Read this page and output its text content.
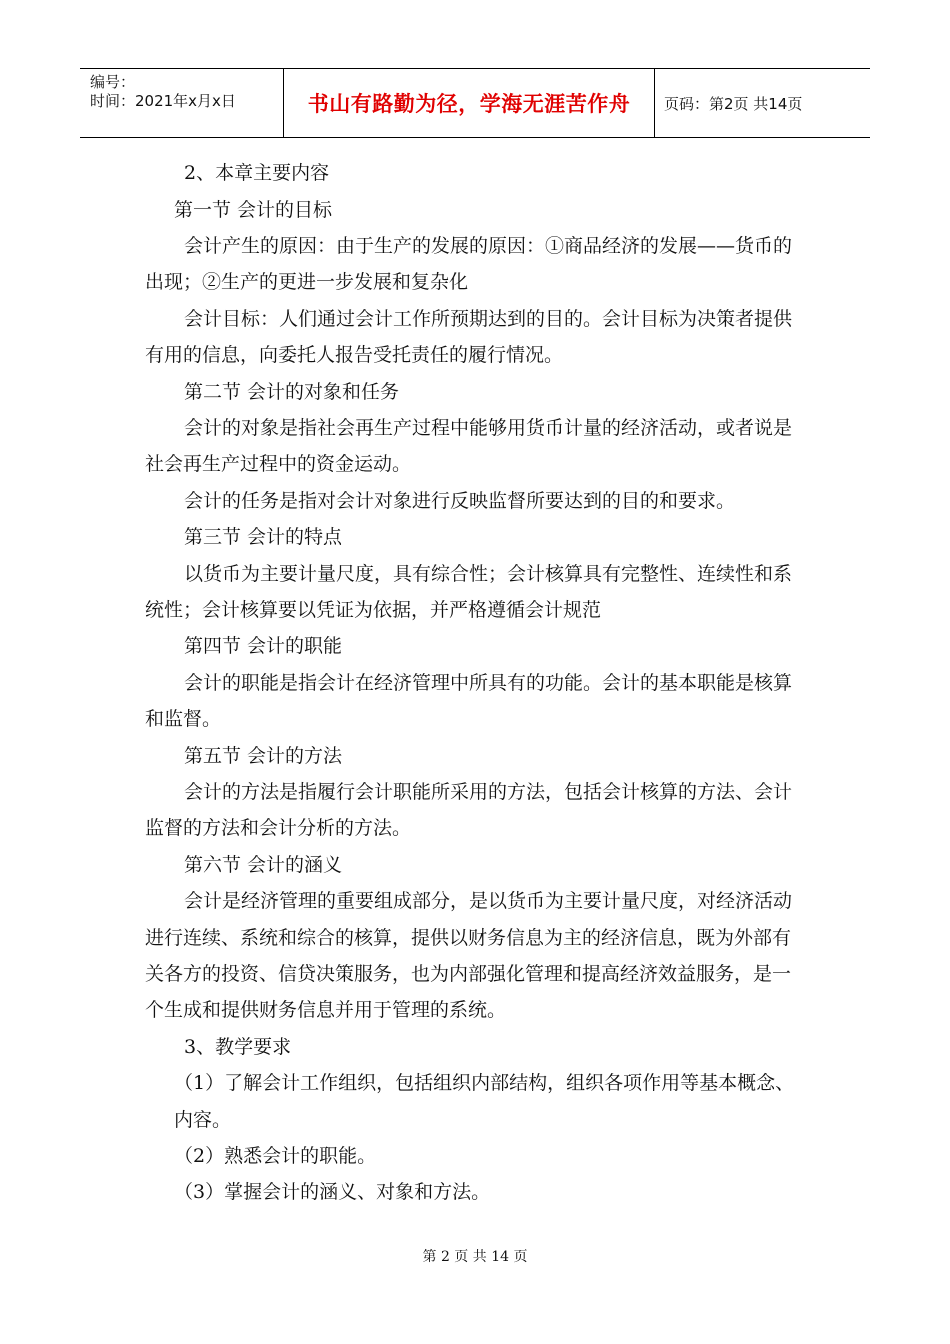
编号：
时间：2021年x月x日	书山有路勤为径，学海无涯苦作舟	页码：第2页 共14页
2、本章主要内容
第一节 会计的目标
会计产生的原因：由于生产的发展的原因：①商品经济的发展——货币的
出现；②生产的更进一步发展和复杂化
会计目标：人们通过会计工作所预期达到的目的。会计目标为决策者提供
有用的信息，向委托人报告受托责任的履行情况。
第二节 会计的对象和任务
会计的对象是指社会再生产过程中能够用货币计量的经济活动，或者说是
社会再生产过程中的资金运动。
会计的任务是指对会计对象进行反映监督所要达到的目的和要求。
第三节 会计的特点
以货币为主要计量尺度，具有综合性；会计核算具有完整性、连续性和系
统性；会计核算要以凭证为依据，并严格遵循会计规范
第四节 会计的职能
会计的职能是指会计在经济管理中所具有的功能。会计的基本职能是核算
和监督。
第五节 会计的方法
会计的方法是指履行会计职能所采用的方法，包括会计核算的方法、会计
监督的方法和会计分析的方法。
第六节 会计的涵义
会计是经济管理的重要组成部分，是以货币为主要计量尺度，对经济活动
进行连续、系统和综合的核算，提供以财务信息为主的经济信息，既为外部有
关各方的投资、信贷决策服务，也为内部强化管理和提高经济效益服务，是一
个生成和提供财务信息并用于管理的系统。
3、教学要求
（1）了解会计工作组织，包括组织内部结构，组织各项作用等基本概念、
内容。
（2）熟悉会计的职能。
（3）掌握会计的涵义、对象和方法。
第 2 页 共 14 页
